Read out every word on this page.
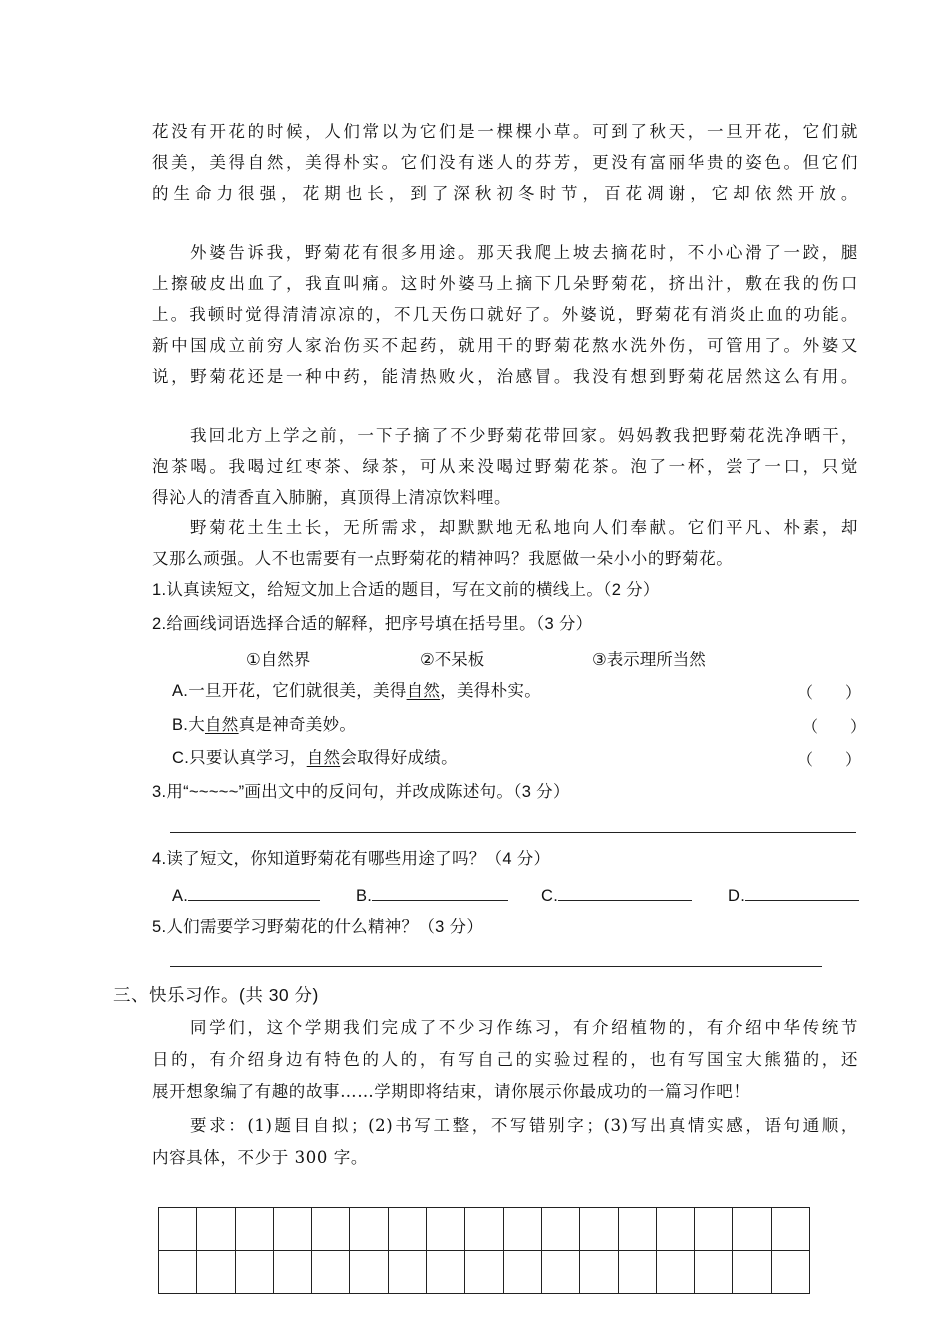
花没有开花的时候，人们常以为它们是一棵棵小草。可到了秋天，一旦开花，它们就
很美，美得自然，美得朴实。它们没有迷人的芬芳，更没有富丽华贵的姿色。但它们
的生命力很强，花期也长，到了深秋初冬时节，百花凋谢，它却依然开放。
外婆告诉我，野菊花有很多用途。那天我爬上坡去摘花时，不小心滑了一跤，腿
上擦破皮出血了，我直叫痛。这时外婆马上摘下几朵野菊花，挤出汁，敷在我的伤口
上。我顿时觉得清清凉凉的，不几天伤口就好了。外婆说，野菊花有消炎止血的功能。
新中国成立前穷人家治伤买不起药，就用干的野菊花熬水洗外伤，可管用了。外婆又
说，野菊花还是一种中药，能清热败火，治感冒。我没有想到野菊花居然这么有用。
我回北方上学之前，一下子摘了不少野菊花带回家。妈妈教我把野菊花洗净晒干，
泡茶喝。我喝过红枣茶、绿茶，可从来没喝过野菊花茶。泡了一杯，尝了一口，只觉
得沁人的清香直入肺腑，真顶得上清凉饮料哩。
野菊花土生土长，无所需求，却默默地无私地向人们奉献。它们平凡、朴素，却
又那么顽强。人不也需要有一点野菊花的精神吗？我愿做一朵小小的野菊花。
1.认真读短文，给短文加上合适的题目，写在文前的横线上。（2 分）
2.给画线词语选择合适的解释，把序号填在括号里。（3 分）
①自然界	②不呆板	③表示理所当然
A.一旦开花，它们就很美，美得自然，美得朴实。	（　　）
B.大自然真是神奇美妙。	（　　）
C.只要认真学习，自然会取得好成绩。	（　　）
3.用“~~~~~”画出文中的反问句，并改成陈述句。（3 分）
4.读了短文，你知道野菊花有哪些用途了吗？（4 分）
A.	B.	C.	D.
5.人们需要学习野菊花的什么精神？（3 分）
三、快乐习作。(共 30 分)
同学们，这个学期我们完成了不少习作练习，有介绍植物的，有介绍中华传统节
日的，有介绍身边有特色的人的，有写自己的实验过程的，也有写国宝大熊猫的，还
展开想象编了有趣的故事……学期即将结束，请你展示你最成功的一篇习作吧！
要求：(1)题目自拟；(2)书写工整，不写错别字；(3)写出真情实感，语句通顺，
内容具体，不少于 300 字。
